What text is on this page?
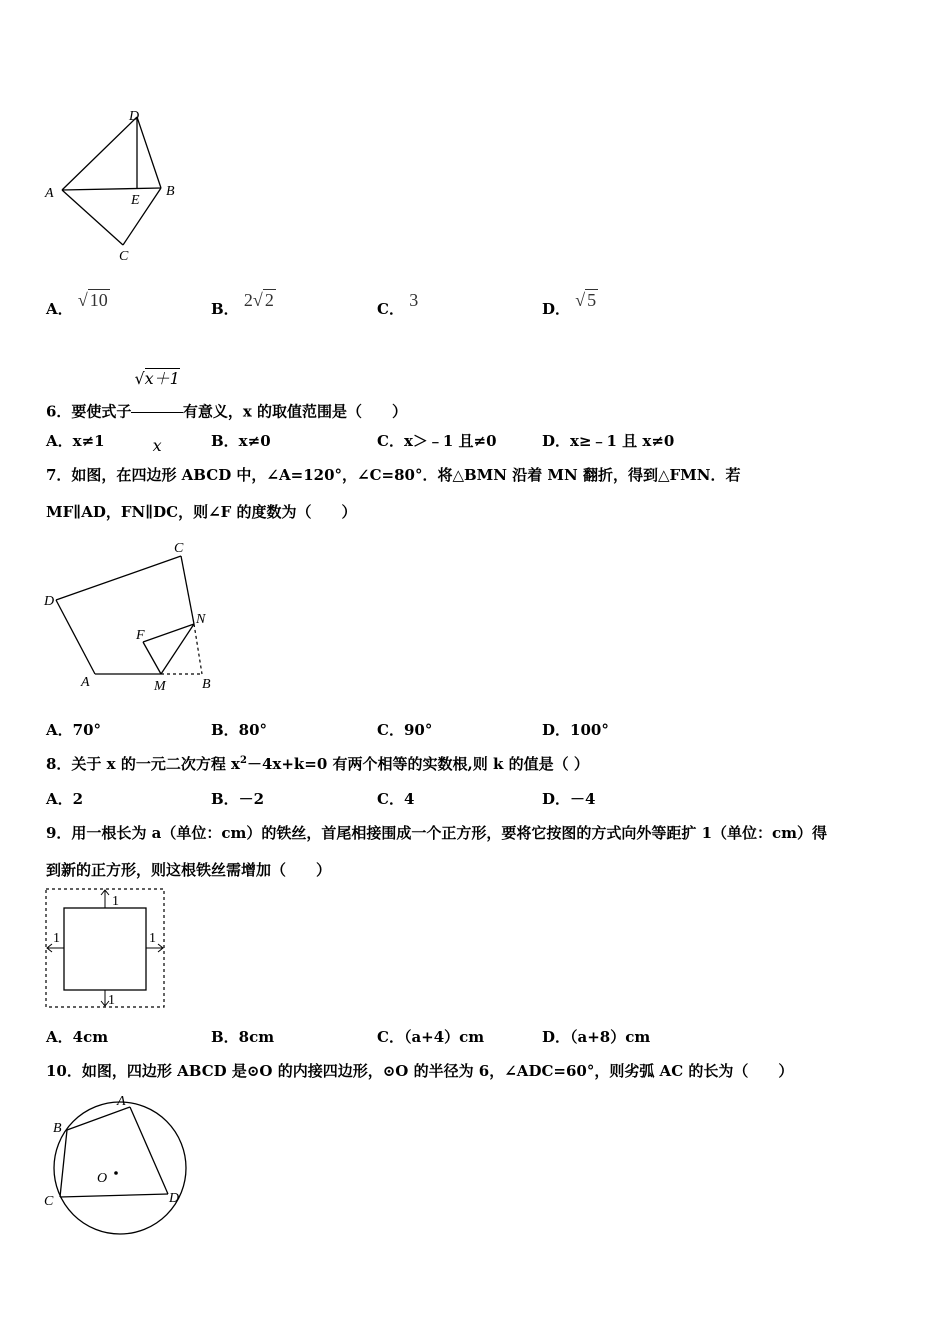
D
A	E
B
C
A． √ 10	B． 2√ 2	C． 3	D． √ 5
6．要使式子 $\frac{√x+1}{x}$ 有意义，x 的取值范围是（　　）
A．x≠1	B．x≠0	C．x＞﹣1 且≠0	D．x≥﹣1 且 x≠0
7．如图，在四边形 ABCD 中，∠A=120°，∠C=80°．将△BMN 沿着 MN 翻折，得到△FMN．若
MF∥AD，FN∥DC，则∠F 的度数为（　　）
C
D
F
N
A	M	B
A．70°	B．80°	C．90°	D．100°
8．关于 x 的一元二次方程 $x^2-4x+k=0$ 有两个相等的实数根,则 k 的值是（ ）
A．2	B．－2	C．4	D．－4
9．用一根长为 a（单位：cm）的铁丝，首尾相接围成一个正方形，要将它按图的方式向外等距扩 1（单位：cm）得
到新的正方形，则这根铁丝需增加（　　）
1
1	1
1
A．4cm	B．8cm	C．（a+4）cm	D．（a+8）cm
10．如图，四边形 ABCD 是⊙O 的内接四边形，⊙O 的半径为 6，∠ADC=60°，则劣弧 AC 的长为（　　）
A
B
C	D
O
